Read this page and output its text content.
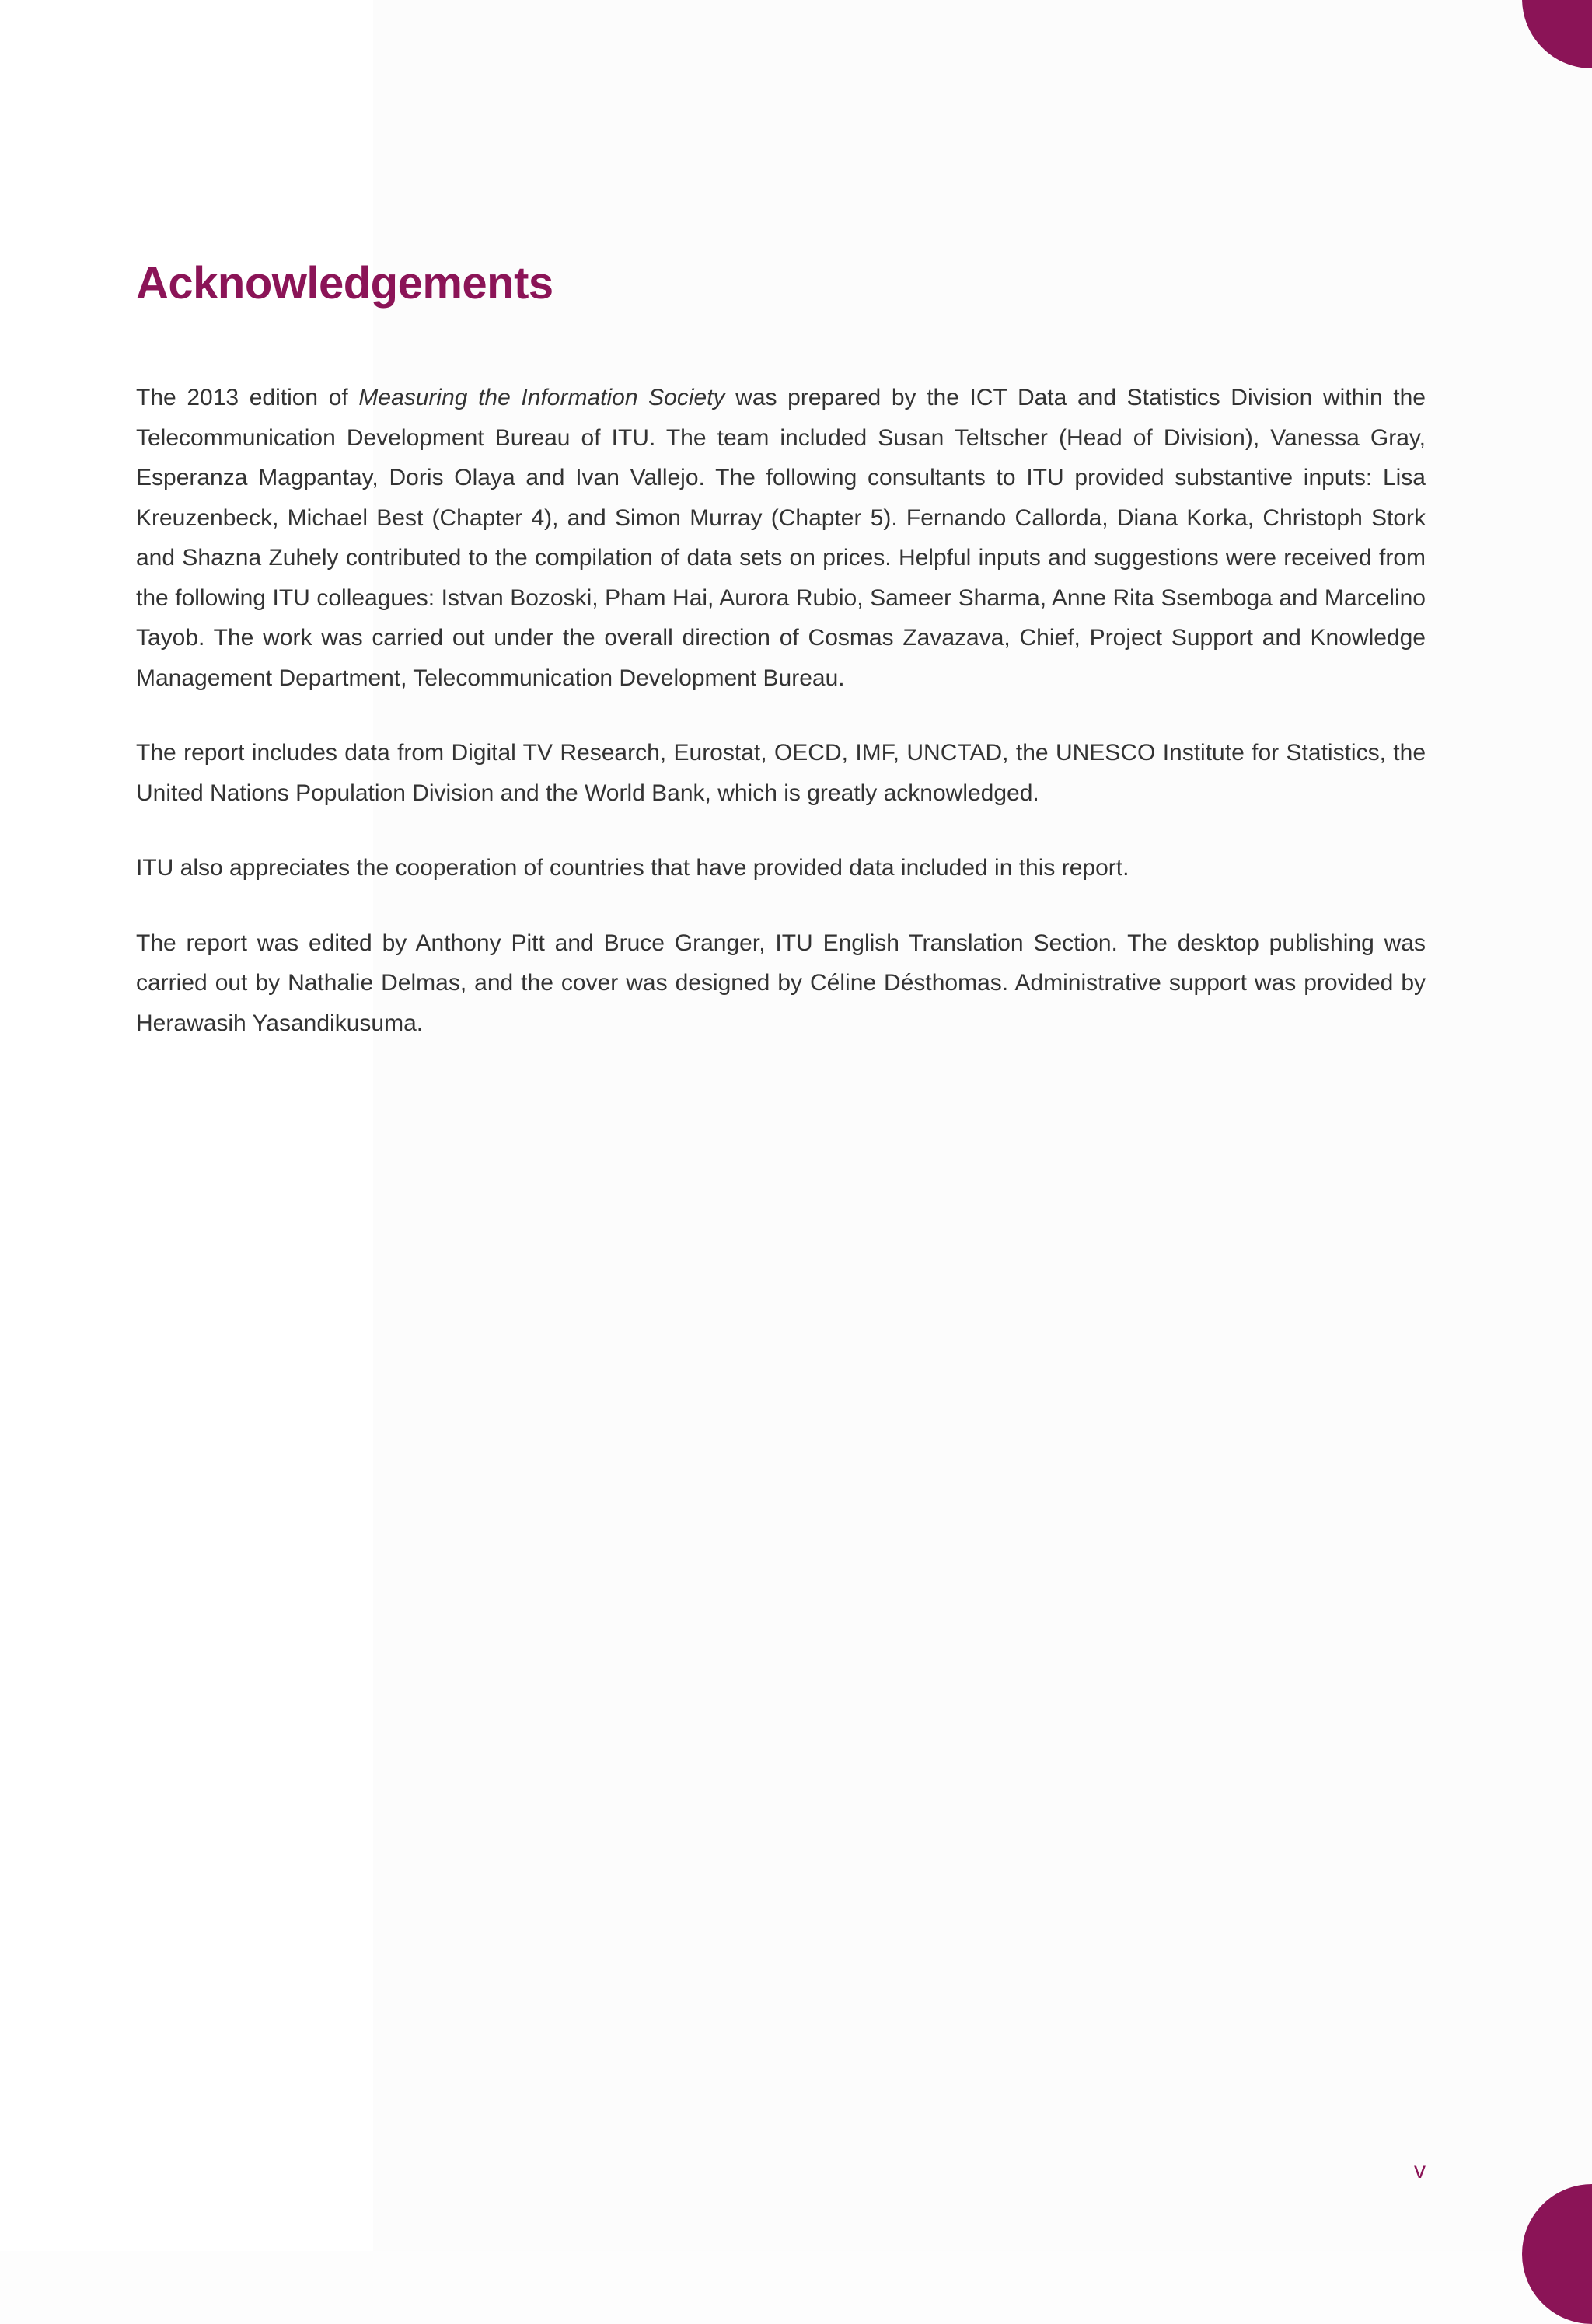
Acknowledgements

The 2013 edition of Measuring the Information Society was prepared by the ICT Data and Statistics Division within the Telecommunication Development Bureau of ITU. The team included Susan Teltscher (Head of Division), Vanessa Gray, Esperanza Magpantay, Doris Olaya and Ivan Vallejo. The following consultants to ITU provided substantive inputs: Lisa Kreuzenbeck, Michael Best (Chapter 4), and Simon Murray (Chapter 5). Fernando Callorda, Diana Korka, Christoph Stork and Shazna Zuhely contributed to the compilation of data sets on prices. Helpful inputs and suggestions were received from the following ITU colleagues: Istvan Bozoski, Pham Hai, Aurora Rubio, Sameer Sharma, Anne Rita Ssemboga and Marcelino Tayob. The work was carried out under the overall direction of Cosmas Zavazava, Chief, Project Support and Knowledge Management Department, Telecommunication Development Bureau.

The report includes data from Digital TV Research, Eurostat, OECD, IMF, UNCTAD, the UNESCO Institute for Statistics, the United Nations Population Division and the World Bank, which is greatly acknowledged.

ITU also appreciates the cooperation of countries that have provided data included in this report.

The report was edited by Anthony Pitt and Bruce Granger, ITU English Translation Section. The desktop publishing was carried out by Nathalie Delmas, and the cover was designed by Céline Désthomas. Administrative support was provided by Herawasih Yasandikusuma.

v
